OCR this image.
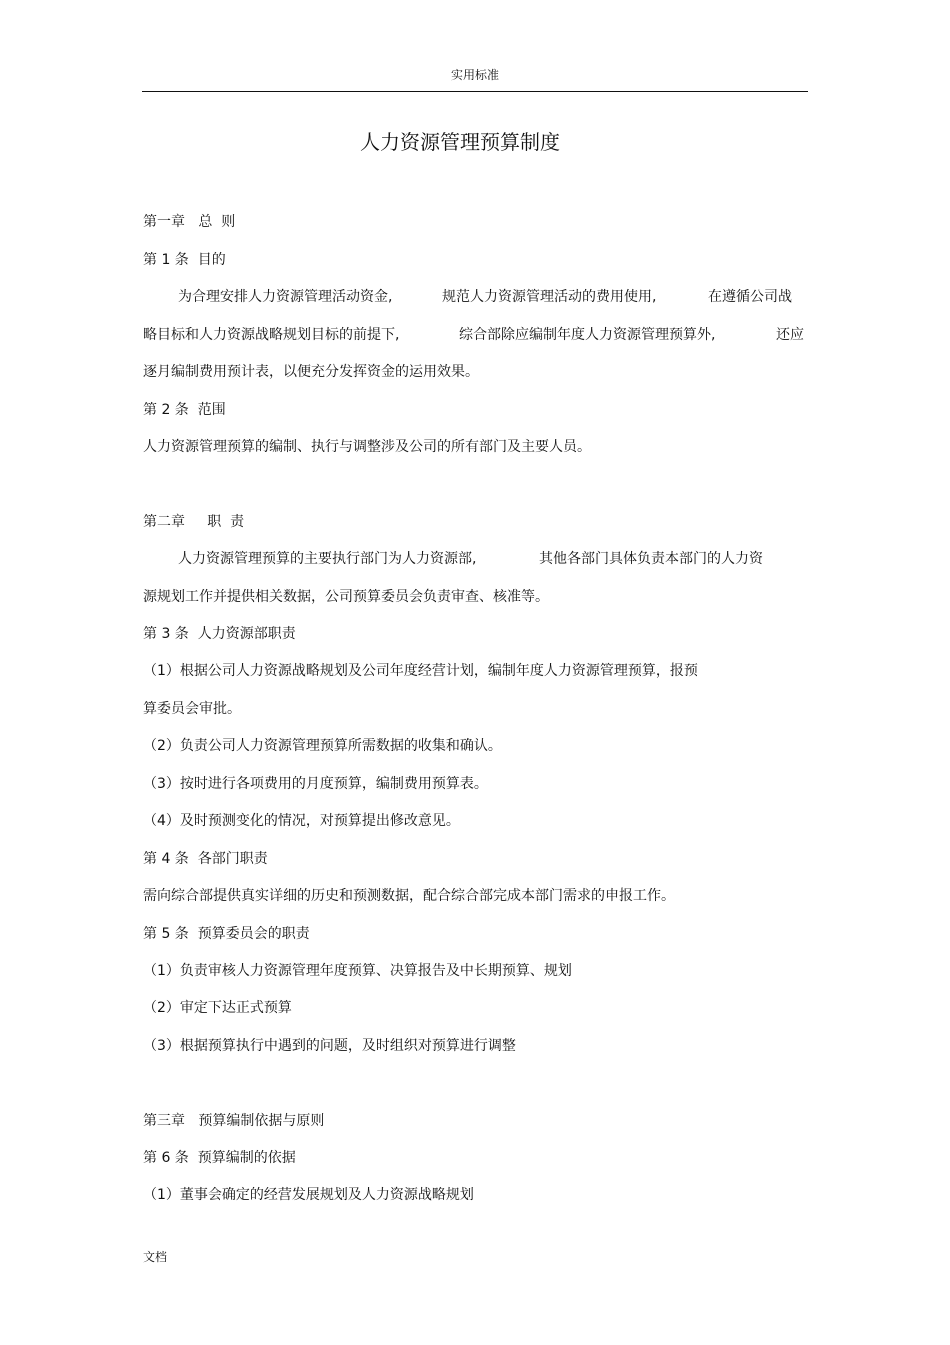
实用标准
人力资源管理预算制度
第一章   总  则
第 1 条  目的
为合理安排人力资源管理活动资金,	规范人力资源管理活动的费用使用,	在遵循公司战
略目标和人力资源战略规划目标的前提下,	综合部除应编制年度人力资源管理预算外,	还应
逐月编制费用预计表，以便充分发挥资金的运用效果。
第 2 条  范围
人力资源管理预算的编制、执行与调整涉及公司的所有部门及主要人员。
第二章     职  责
人力资源管理预算的主要执行部门为人力资源部,	其他各部门具体负责本部门的人力资
源规划工作并提供相关数据，公司预算委员会负责审查、核准等。
第 3 条  人力资源部职责
（1）根据公司人力资源战略规划及公司年度经营计划，编制年度人力资源管理预算，报预
算委员会审批。
（2）负责公司人力资源管理预算所需数据的收集和确认。
（3）按时进行各项费用的月度预算，编制费用预算表。
（4）及时预测变化的情况，对预算提出修改意见。
第 4 条  各部门职责
需向综合部提供真实详细的历史和预测数据，配合综合部完成本部门需求的申报工作。
第 5 条  预算委员会的职责
（1）负责审核人力资源管理年度预算、决算报告及中长期预算、规划
（2）审定下达正式预算
（3）根据预算执行中遇到的问题，及时组织对预算进行调整
第三章   预算编制依据与原则
第 6 条  预算编制的依据
（1）董事会确定的经营发展规划及人力资源战略规划
文档
